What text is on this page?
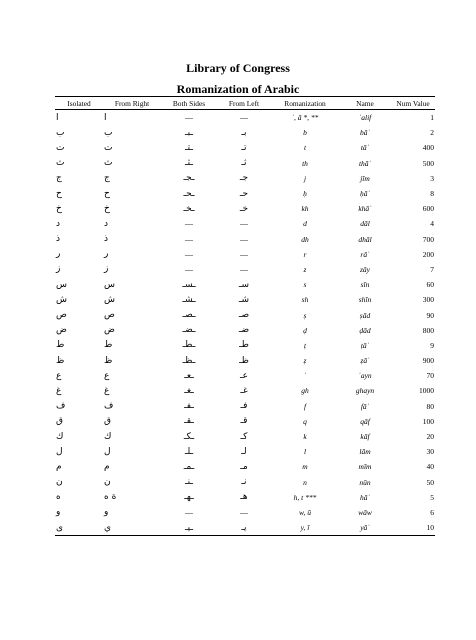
Library of Congress
Romanization of Arabic
Isolated	From Right	Both Sides	From Left	Romanization	Name	Num Value
ا	ا	—	—	ʾ, ā *, **	ʾalif	1
ب	ب	ـبـ	بـ	b	bāʾ	2
ت	ت	ـتـ	تـ	t	tāʾ	400
ث	ث	ـثـ	ثـ	th	thāʾ	500
ج	ج	ـجـ	جـ	j	jīm	3
ح	ح	ـحـ	حـ	ḥ	ḥāʾ	8
خ	خ	ـخـ	خـ	kh	khāʾ	600
د	د	—	—	d	dāl	4
ذ	ذ	—	—	dh	dhāl	700
ر	ر	—	—	r	rāʾ	200
ز	ز	—	—	z	zāy	7
س	س	ـسـ	سـ	s	sīn	60
ش	ش	ـشـ	شـ	sh	shīn	300
ص	ص	ـصـ	صـ	ṣ	ṣād	90
ض	ض	ـضـ	ضـ	ḍ	ḍād	800
ط	ط	ـطـ	طـ	ṭ	ṭāʾ	9
ظ	ظ	ـظـ	ظـ	ẓ	ẓāʾ	900
ع	ع	ـعـ	عـ	ʿ	ʿayn	70
غ	غ	ـغـ	غـ	gh	ghayn	1000
ف	ف	ـفـ	فـ	f	fāʾ	80
ق	ق	ـقـ	قـ	q	qāf	100
ك	ك	ـكـ	كـ	k	kāf	20
ل	ل	ـلـ	لـ	l	lām	30
م	م	ـمـ	مـ	m	mīm	40
ن	ن	ـنـ	نـ	n	nūn	50
ه	ة ه	ـهـ	هـ	h, t ***	hāʾ	5
و	و	—	—	w, ū	wāw	6
ى	ي	ـيـ	يـ	y, ī	yāʾ	10
